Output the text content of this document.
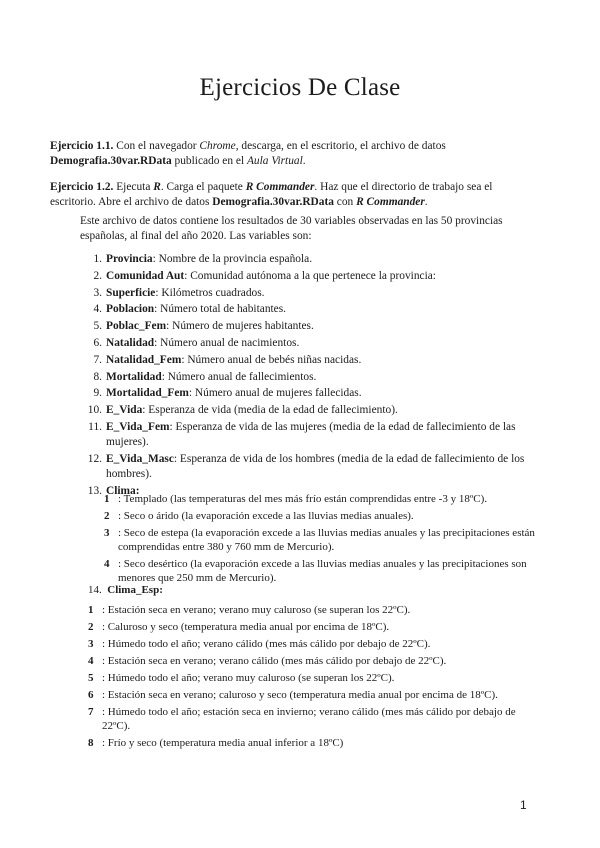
Ejercicios De Clase

Ejercicio 1.1. Con el navegador Chrome, descarga, en el escritorio, el archivo de datos Demografia.30var.RData publicado en el Aula Virtual.

Ejercicio 1.2. Ejecuta R. Carga el paquete R Commander. Haz que el directorio de trabajo sea el escritorio. Abre el archivo de datos Demografia.30var.RData con R Commander.

Este archivo de datos contiene los resultados de 30 variables observadas en las 50 provincias españolas, al final del año 2020. Las variables son:

1. Provincia: Nombre de la provincia española.
2. Comunidad Aut: Comunidad autónoma a la que pertenece la provincia:
3. Superficie: Kilómetros cuadrados.
4. Poblacion: Número total de habitantes.
5. Poblac_Fem: Número de mujeres habitantes.
6. Natalidad: Número anual de nacimientos.
7. Natalidad_Fem: Número anual de bebés niñas nacidas.
8. Mortalidad: Número anual de fallecimientos.
9. Mortalidad_Fem: Número anual de mujeres fallecidas.
10. E_Vida: Esperanza de vida (media de la edad de fallecimiento).
11. E_Vida_Fem: Esperanza de vida de las mujeres (media de la edad de fallecimiento de las mujeres).
12. E_Vida_Masc: Esperanza de vida de los hombres (media de la edad de fallecimiento de los hombres).
13. Clima:
1 : Templado (las temperaturas del mes más frío están comprendidas entre -3 y 18ºC).
2 : Seco o árido (la evaporación excede a las lluvias medias anuales).
3 : Seco de estepa (la evaporación excede a las lluvias medias anuales y las precipitaciones están comprendidas entre 380 y 760 mm de Mercurio).
4 : Seco desértico (la evaporación excede a las lluvias medias anuales y las precipitaciones son menores que 250 mm de Mercurio).
14. Clima_Esp:
1 : Estación seca en verano; verano muy caluroso (se superan los 22ºC).
2 : Caluroso y seco (temperatura media anual por encima de 18ºC).
3 : Húmedo todo el año; verano cálido (mes más cálido por debajo de 22ºC).
4 : Estación seca en verano; verano cálido (mes más cálido por debajo de 22ºC).
5 : Húmedo todo el año; verano muy caluroso (se superan los 22ºC).
6 : Estación seca en verano; caluroso y seco (temperatura media anual por encima de 18ºC).
7 : Húmedo todo el año; estación seca en invierno; verano cálido (mes más cálido por debajo de 22ºC).
8 : Frío y seco (temperatura media anual inferior a 18ºC)
1
